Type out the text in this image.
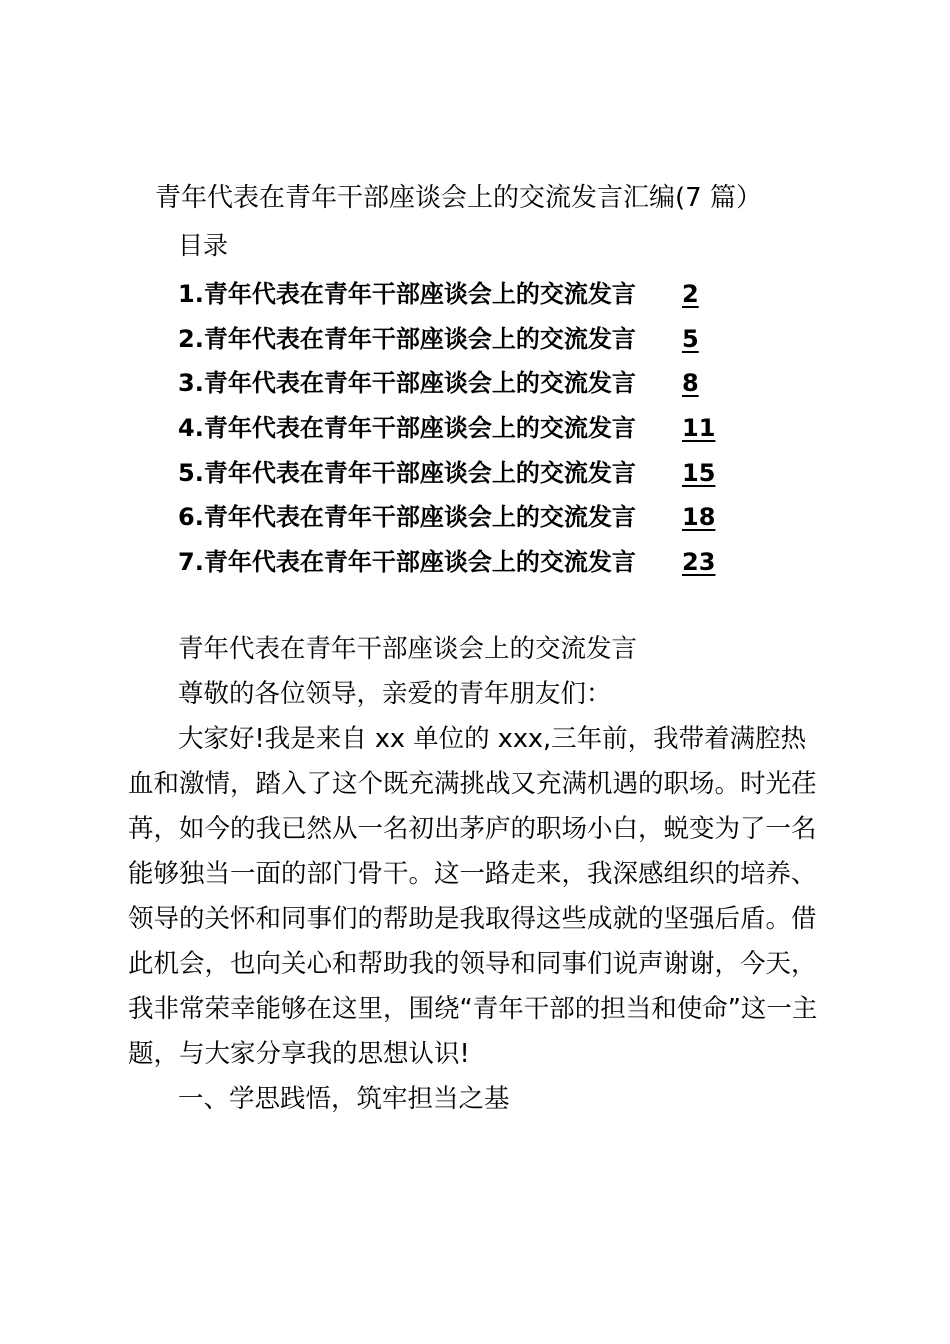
青年代表在青年干部座谈会上的交流发言汇编(7 篇）
目录
1.青年代表在青年干部座谈会上的交流发言 2
2.青年代表在青年干部座谈会上的交流发言 5
3.青年代表在青年干部座谈会上的交流发言 8
4.青年代表在青年干部座谈会上的交流发言 11
5.青年代表在青年干部座谈会上的交流发言 15
6.青年代表在青年干部座谈会上的交流发言 18
7.青年代表在青年干部座谈会上的交流发言 23

青年代表在青年干部座谈会上的交流发言

尊敬的各位领导，亲爱的青年朋友们：

大家好!我是来自 xx 单位的 xxx,三年前，我带着满腔热血和激情，踏入了这个既充满挑战又充满机遇的职场。时光荏苒，如今的我已然从一名初出茅庐的职场小白，蜕变为了一名能够独当一面的部门骨干。这一路走来，我深感组织的培养、领导的关怀和同事们的帮助是我取得这些成就的坚强后盾。借此机会，也向关心和帮助我的领导和同事们说声谢谢，今天，我非常荣幸能够在这里，围绕“青年干部的担当和使命”这一主题，与大家分享我的思想认识!

一、学思践悟，筑牢担当之基
